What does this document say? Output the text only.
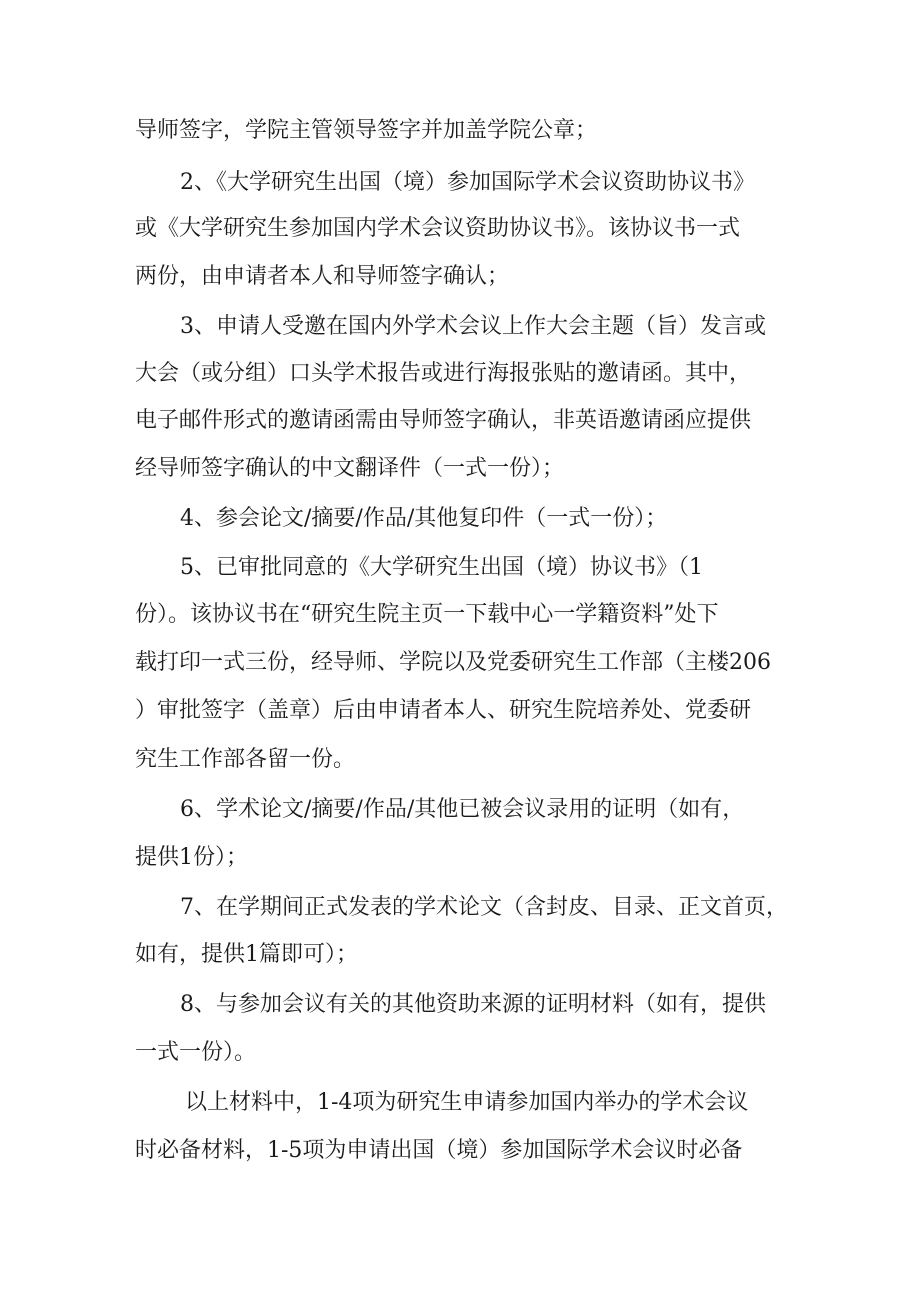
导师签字，学院主管领导签字并加盖学院公章；
2、《大学研究生出国（境）参加国际学术会议资助协议书》
或《大学研究生参加国内学术会议资助协议书》。该协议书一式
两份，由申请者本人和导师签字确认；
3、申请人受邀在国内外学术会议上作大会主题（旨）发言或
大会（或分组）口头学术报告或进行海报张贴的邀请函。其中，
电子邮件形式的邀请函需由导师签字确认，非英语邀请函应提供
经导师签字确认的中文翻译件（一式一份）；
4、参会论文/摘要/作品/其他复印件（一式一份）；
5、已审批同意的《大学研究生出国（境）协议书》（1
份）。该协议书在“研究生院主页一下载中心一学籍资料”处下
载打印一式三份，经导师、学院以及党委研究生工作部（主楼206
）审批签字（盖章）后由申请者本人、研究生院培养处、党委研
究生工作部各留一份。
6、学术论文/摘要/作品/其他已被会议录用的证明（如有，
提供1份）；
7、在学期间正式发表的学术论文（含封皮、目录、正文首页，
如有，提供1篇即可）；
8、与参加会议有关的其他资助来源的证明材料（如有，提供
一式一份）。
以上材料中，1-4项为研究生申请参加国内举办的学术会议
时必备材料，1-5项为申请出国（境）参加国际学术会议时必备
